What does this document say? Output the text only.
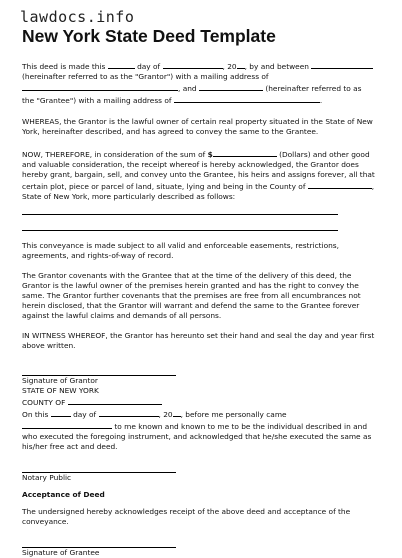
lawdocs.info
New York State Deed Template

This deed is made this	day of	, 20 , by and between
(hereinafter referred to as the "Grantor") with a mailing address of
, and	(hereinafter referred to as
the "Grantee") with a mailing address of	.

WHEREAS, the Grantor is the lawful owner of certain real property situated in the State of New York, hereinafter described, and has agreed to convey the same to the Grantee.

NOW, THEREFORE, in consideration of the sum of $	(Dollars) and other good and valuable consideration, the receipt whereof is hereby acknowledged, the Grantor does hereby grant, bargain, sell, and convey unto the Grantee, his heirs and assigns forever, all that certain plot, piece or parcel of land, situate, lying and being in the County of	, State of New York, more particularly described as follows:

This conveyance is made subject to all valid and enforceable easements, restrictions, agreements, and rights-of-way of record.

The Grantor covenants with the Grantee that at the time of the delivery of this deed, the Grantor is the lawful owner of the premises herein granted and has the right to convey the same. The Grantor further covenants that the premises are free from all encumbrances not herein disclosed, that the Grantor will warrant and defend the same to the Grantee forever against the lawful claims and demands of all persons.

IN WITNESS WHEREOF, the Grantor has hereunto set their hand and seal the day and year first above written.

Signature of Grantor

STATE OF NEW YORK

COUNTY OF

On this	day of	, 20 , before me personally came
to me known and known to me to be the individual described in and who executed the foregoing instrument, and acknowledged that he/she executed the same as his/her free act and deed.

Notary Public

Acceptance of Deed

The undersigned hereby acknowledges receipt of the above deed and acceptance of the conveyance.

Signature of Grantee
